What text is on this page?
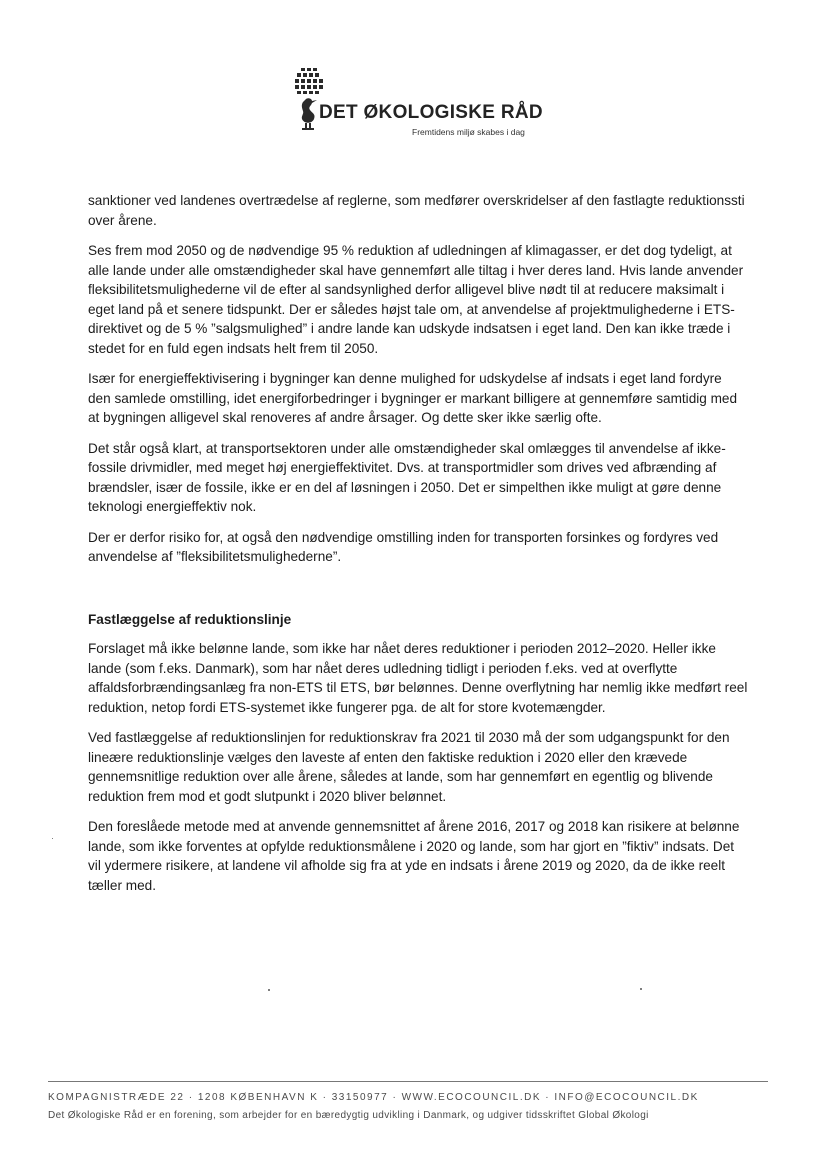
DET ØKOLOGISKE RÅD
Fremtidens miljø skabes i dag

sanktioner ved landenes overtrædelse af reglerne, som medfører overskridelser af den fastlagte reduktionssti over årene.

Ses frem mod 2050 og de nødvendige 95 % reduktion af udledningen af klimagasser, er det dog tydeligt, at alle lande under alle omstændigheder skal have gennemført alle tiltag i hver deres land. Hvis lande anvender fleksibilitetsmulighederne vil de efter al sandsynlighed derfor alligevel blive nødt til at reducere maksimalt i eget land på et senere tidspunkt. Der er således højst tale om, at anvendelse af projektmulighederne i ETS-direktivet og de 5 % ”salgsmulighed” i andre lande kan udskyde indsatsen i eget land. Den kan ikke træde i stedet for en fuld egen indsats helt frem til 2050.

Især for energieffektivisering i bygninger kan denne mulighed for udskydelse af indsats i eget land fordyre den samlede omstilling, idet energiforbedringer i bygninger er markant billigere at gennemføre samtidig med at bygningen alligevel skal renoveres af andre årsager. Og dette sker ikke særlig ofte.

Det står også klart, at transportsektoren under alle omstændigheder skal omlægges til anvendelse af ikke-fossile drivmidler, med meget høj energieffektivitet. Dvs. at transportmidler som drives ved afbrænding af brændsler, især de fossile, ikke er en del af løsningen i 2050. Det er simpelthen ikke muligt at gøre denne teknologi energieffektiv nok.

Der er derfor risiko for, at også den nødvendige omstilling inden for transporten forsinkes og fordyres ved anvendelse af ”fleksibilitetsmulighederne”.

Fastlæggelse af reduktionslinje

Forslaget må ikke belønne lande, som ikke har nået deres reduktioner i perioden 2012–2020. Heller ikke lande (som f.eks. Danmark), som har nået deres udledning tidligt i perioden f.eks. ved at overflytte affaldsforbrændingsanlæg fra non-ETS til ETS, bør belønnes. Denne overflytning har nemlig ikke medført reel reduktion, netop fordi ETS-systemet ikke fungerer pga. de alt for store kvotemængder.

Ved fastlæggelse af reduktionslinjen for reduktionskrav fra 2021 til 2030 må der som udgangspunkt for den lineære reduktionslinje vælges den laveste af enten den faktiske reduktion i 2020 eller den krævede gennemsnitlige reduktion over alle årene, således at lande, som har gennemført en egentlig og blivende reduktion frem mod et godt slutpunkt i 2020 bliver belønnet.

Den foreslåede metode med at anvende gennemsnittet af årene 2016, 2017 og 2018 kan risikere at belønne lande, som ikke forventes at opfylde reduktionsmålene i 2020 og lande, som har gjort en ”fiktiv” indsats. Det vil ydermere risikere, at landene vil afholde sig fra at yde en indsats i årene 2019 og 2020, da de ikke reelt tæller med.

KOMPAGNISTRÆDE 22 · 1208 KØBENHAVN K · 33150977 · WWW.ECOCOUNCIL.DK · INFO@ECOCOUNCIL.DK
Det Økologiske Råd er en forening, som arbejder for en bæredygtig udvikling i Danmark, og udgiver tidsskriftet Global Økologi
